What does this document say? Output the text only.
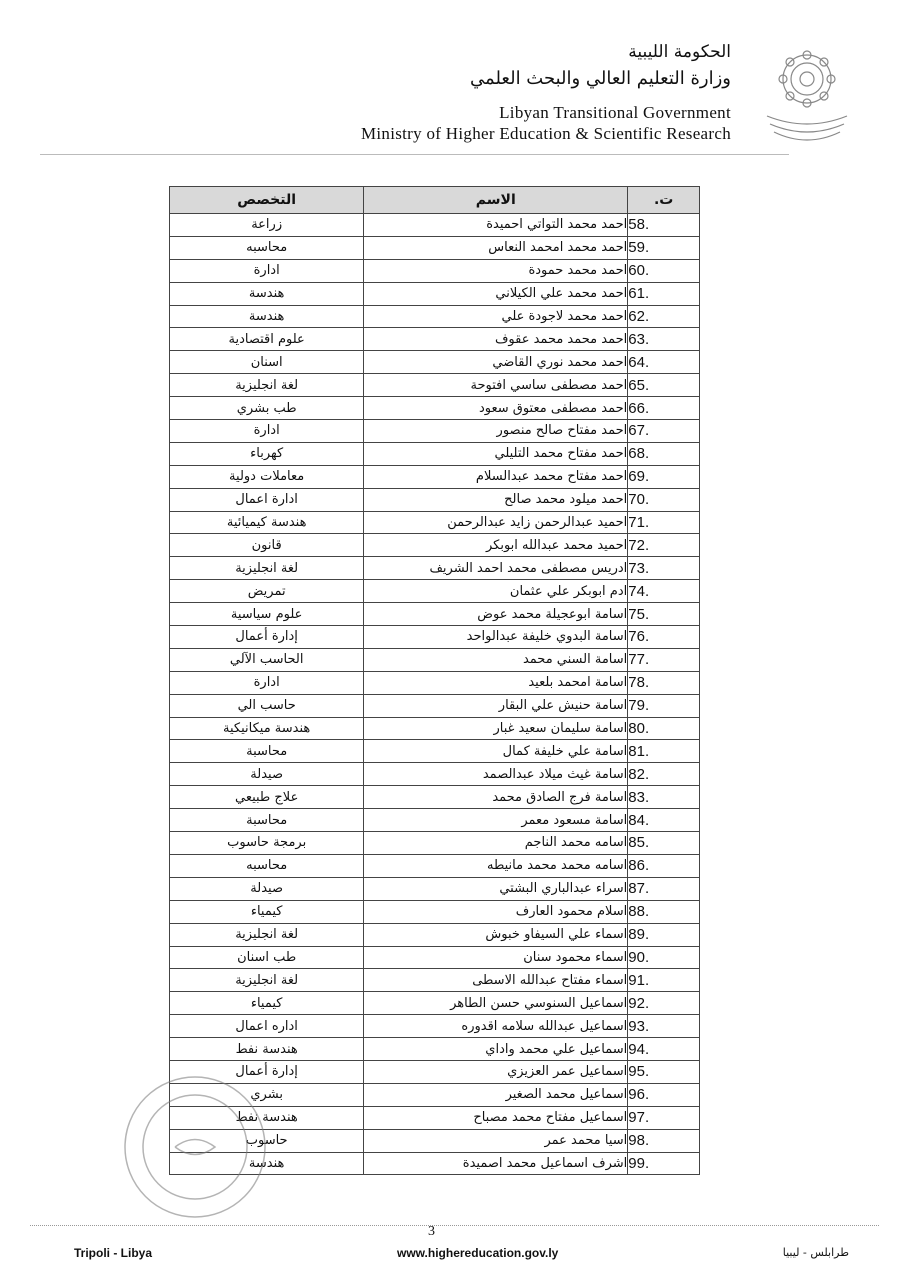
الحكومة الليبية
وزارة التعليم العالي والبحث العلمي
Libyan Transitional Government
Ministry of Higher Education & Scientific Research
ت.	الاسم	التخصص
58.	احمد محمد التواتي احميدة	زراعة
59.	احمد محمد امحمد النعاس	محاسبه
60.	احمد محمد حمودة	ادارة
61.	احمد محمد علي الكيلاني	هندسة
62.	احمد محمد لاجودة علي	هندسة
63.	احمد محمد محمد عقوف	علوم اقتصادية
64.	احمد محمد نوري القاضي	اسنان
65.	احمد مصطفى ساسي افتوحة	لغة انجليزية
66.	احمد مصطفى معتوق سعود	طب بشري
67.	احمد مفتاح صالح منصور	ادارة
68.	احمد مفتاح محمد التليلي	كهرباء
69.	احمد مفتاح محمد عبدالسلام	معاملات دولية
70.	احمد ميلود محمد صالح	ادارة اعمال
71.	احميد عبدالرحمن زايد عبدالرحمن	هندسة كيميائية
72.	احميد محمد عبدالله ابوبكر	قانون
73.	ادريس مصطفى محمد احمد الشريف	لغة انجليزية
74.	ادم ابوبكر علي عثمان	تمريض
75.	اسامة ابوعجيلة محمد عوض	علوم سياسية
76.	اسامة البدوي خليفة عبدالواحد	إدارة أعمال
77.	اسامة السني محمد	الحاسب الآلي
78.	اسامة امحمد بلعيد	ادارة
79.	اسامة حنيش علي البقار	حاسب الي
80.	اسامة سليمان سعيد غبار	هندسة ميكانيكية
81.	اسامة علي خليفة كمال	محاسبة
82.	اسامة غيث ميلاد عبدالصمد	صيدلة
83.	اسامة فرج الصادق محمد	علاج طبيعي
84.	اسامة مسعود معمر	محاسبة
85.	اسامه محمد الناجم	برمجة حاسوب
86.	اسامه محمد محمد مانيطه	محاسبه
87.	اسراء عبدالباري البشتي	صيدلة
88.	اسلام محمود العارف	كيمياء
89.	اسماء علي السيفاو خبوش	لغة انجليزية
90.	اسماء محمود سنان	طب اسنان
91.	اسماء مفتاح عبدالله الاسطى	لغة انجليزية
92.	اسماعيل السنوسي حسن الطاهر	كيمياء
93.	اسماعيل عبدالله سلامه اقدوره	اداره اعمال
94.	اسماعيل علي محمد واداي	هندسة نفط
95.	اسماعيل عمر العزيزي	إدارة أعمال
96.	اسماعيل محمد الصغير	بشري
97.	اسماعيل مفتاح محمد مصباح	هندسة نفط
98.	اسيا محمد عمر	حاسوب
99.	اشرف اسماعيل محمد اصميدة	هندسة
3
Tripoli - Libya	www.highereducation.gov.ly	طرابلس - ليبيا
